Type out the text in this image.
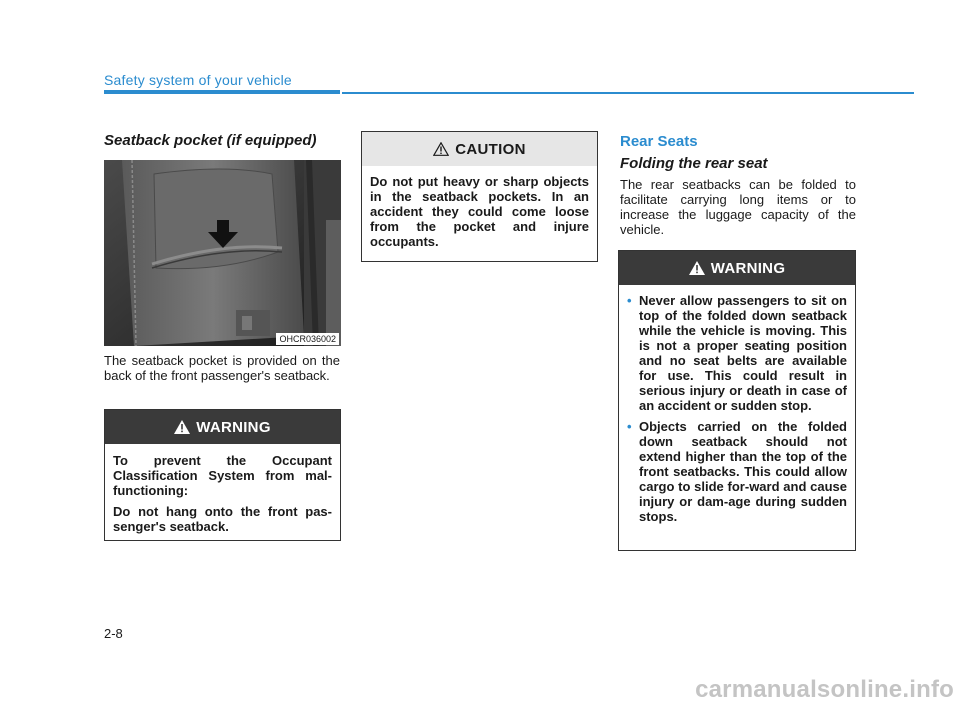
Safety system of your vehicle
Seatback pocket (if equipped)
OHCR036002
The seatback pocket is provided on the back of the front passenger's seatback.
WARNING

To prevent the Occupant Classification System from mal-functioning:

Do not hang onto the front pas-senger's seatback.

CAUTION

Do not put heavy or sharp objects in the seatback pockets. In an accident they could come loose from the pocket and injure occupants.

Rear Seats
Folding the rear seat
The rear seatbacks can be folded to facilitate carrying long items or to increase the luggage capacity of the vehicle.
WARNING
• Never allow passengers to sit on top of the folded down seatback while the vehicle is moving. This is not a proper seating position and no seat belts are available for use. This could result in serious injury or death in case of an accident or sudden stop.
• Objects carried on the folded down seatback should not extend higher than the top of the front seatbacks. This could allow cargo to slide for-ward and cause injury or dam-age during sudden stops.
2-8
carmanualsonline.info
